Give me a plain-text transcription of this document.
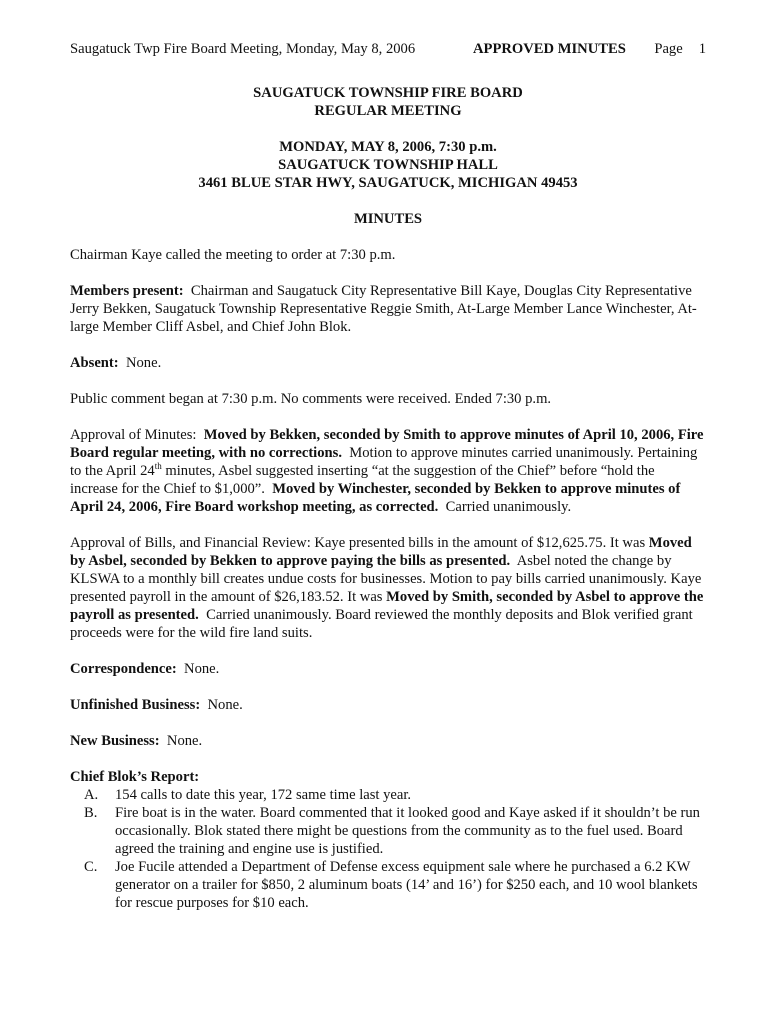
Saugatuck Twp Fire Board Meeting, Monday, May 8, 2006	APPROVED MINUTES Page 1
SAUGATUCK TOWNSHIP FIRE BOARD
REGULAR MEETING
MONDAY, MAY 8, 2006, 7:30 p.m.
SAUGATUCK TOWNSHIP HALL
3461 BLUE STAR HWY, SAUGATUCK, MICHIGAN 49453
MINUTES

Chairman Kaye called the meeting to order at 7:30 p.m.

Members present: Chairman and Saugatuck City Representative Bill Kaye, Douglas City Representative Jerry Bekken, Saugatuck Township Representative Reggie Smith, At-Large Member Lance Winchester, At-large Member Cliff Asbel, and Chief John Blok.

Absent: None.

Public comment began at 7:30 p.m. No comments were received. Ended 7:30 p.m.

Approval of Minutes: Moved by Bekken, seconded by Smith to approve minutes of April 10, 2006, Fire Board regular meeting, with no corrections. Motion to approve minutes carried unanimously. Pertaining to the April 24th minutes, Asbel suggested inserting “at the suggestion of the Chief” before “hold the increase for the Chief to $1,000”. Moved by Winchester, seconded by Bekken to approve minutes of April 24, 2006, Fire Board workshop meeting, as corrected. Carried unanimously.

Approval of Bills, and Financial Review: Kaye presented bills in the amount of $12,625.75. It was Moved by Asbel, seconded by Bekken to approve paying the bills as presented. Asbel noted the change by KLSWA to a monthly bill creates undue costs for businesses. Motion to pay bills carried unanimously. Kaye presented payroll in the amount of $26,183.52. It was Moved by Smith, seconded by Asbel to approve the payroll as presented. Carried unanimously. Board reviewed the monthly deposits and Blok verified grant proceeds were for the wild fire land suits.

Correspondence: None.

Unfinished Business: None.

New Business: None.

Chief Blok’s Report:
A. 154 calls to date this year, 172 same time last year.
B. Fire boat is in the water. Board commented that it looked good and Kaye asked if it shouldn’t be run occasionally. Blok stated there might be questions from the community as to the fuel used. Board agreed the training and engine use is justified.
C. Joe Fucile attended a Department of Defense excess equipment sale where he purchased a 6.2 KW generator on a trailer for $850, 2 aluminum boats (14’ and 16’) for $250 each, and 10 wool blankets for rescue purposes for $10 each.
